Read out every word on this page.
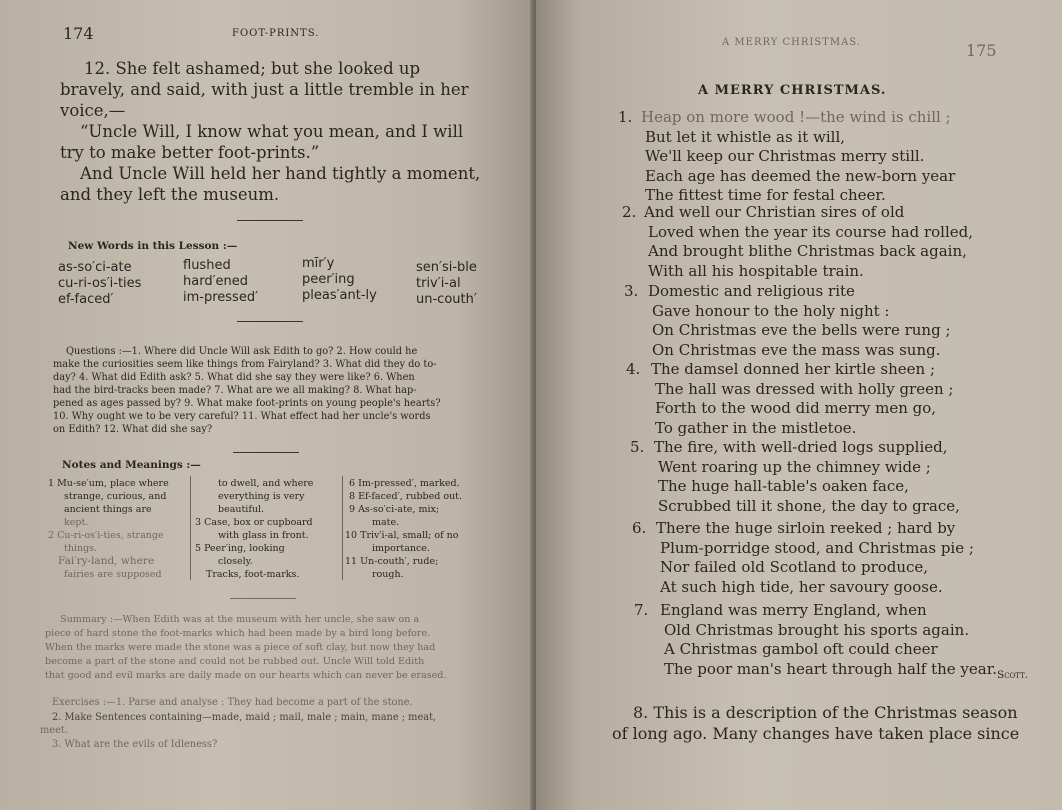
174	FOOT-PRINTS.
12. She felt ashamed; but she looked up
bravely, and said, with just a little tremble in her
voice,—
“Uncle Will, I know what you mean, and I will
try to make better foot-prints.”
And Uncle Will held her hand tightly a moment,
and they left the museum.
New Words in this Lesson :—
as-so′ci-ate	flushed	mīr′y	sen′si-ble
cu-ri-os′i-ties	hard′ened	peer′ing	triv′i-al
ef-faced′	im-pressed′	pleas′ant-ly	un-couth′
Questions :—1. Where did Uncle Will ask Edith to go? 2. How could he
make the curiosities seem like things from Fairyland? 3. What did they do to-
day? 4. What did Edith ask? 5. What did she say they were like? 6. When
had the bird-tracks been made? 7. What are we all making? 8. What hap-
pened as ages passed by? 9. What make foot-prints on young people's hearts?
10. Why ought we to be very careful? 11. What effect had her uncle's words
on Edith? 12. What did she say?
Notes and Meanings :—
1 Mu-se′um, place where
strange, curious, and
ancient things are
kept.
2 Cu-ri-os′i-ties, strange
things.
Fai′ry-land, where
fairies are supposed
to dwell, and where
everything is very
beautiful.
3 Case, box or cupboard
with glass in front.
5 Peer′ing, looking
closely.
Tracks, foot-marks.
6 Im-pressed′, marked.
8 Ef-faced′, rubbed out.
9 As-so′ci-ate, mix;
mate.
10 Triv′i-al, small; of no
importance.
11 Un-couth′, rude;
rough.
Summary :—When Edith was at the museum with her uncle, she saw on a
piece of hard stone the foot-marks which had been made by a bird long before.
When the marks were made the stone was a piece of soft clay, but now they had
become a part of the stone and could not be rubbed out. Uncle Will told Edith
that good and evil marks are daily made on our hearts which can never be erased.
Exercises :—1. Parse and analyse : They had become a part of the stone.
2. Make Sentences containing—made, maid ; mail, male ; main, mane ; meat,
meet.
3. What are the evils of Idleness?
A MERRY CHRISTMAS.	175
A MERRY CHRISTMAS.
1. Heap on more wood !—the wind is chill ;
But let it whistle as it will,
We'll keep our Christmas merry still.
Each age has deemed the new-born year
The fittest time for festal cheer.
2. And well our Christian sires of old
Loved when the year its course had rolled,
And brought blithe Christmas back again,
With all his hospitable train.
3. Domestic and religious rite
Gave honour to the holy night :
On Christmas eve the bells were rung ;
On Christmas eve the mass was sung.
4. The damsel donned her kirtle sheen ;
The hall was dressed with holly green ;
Forth to the wood did merry men go,
To gather in the mistletoe.
5. The fire, with well-dried logs supplied,
Went roaring up the chimney wide ;
The huge hall-table's oaken face,
Scrubbed till it shone, the day to grace,
6. There the huge sirloin reeked ; hard by
Plum-porridge stood, and Christmas pie ;
Nor failed old Scotland to produce,
At such high tide, her savoury goose.
7. England was merry England, when
Old Christmas brought his sports again.
A Christmas gambol oft could cheer
The poor man's heart through half the year. Scott.
8. This is a description of the Christmas season
of long ago. Many changes have taken place since
